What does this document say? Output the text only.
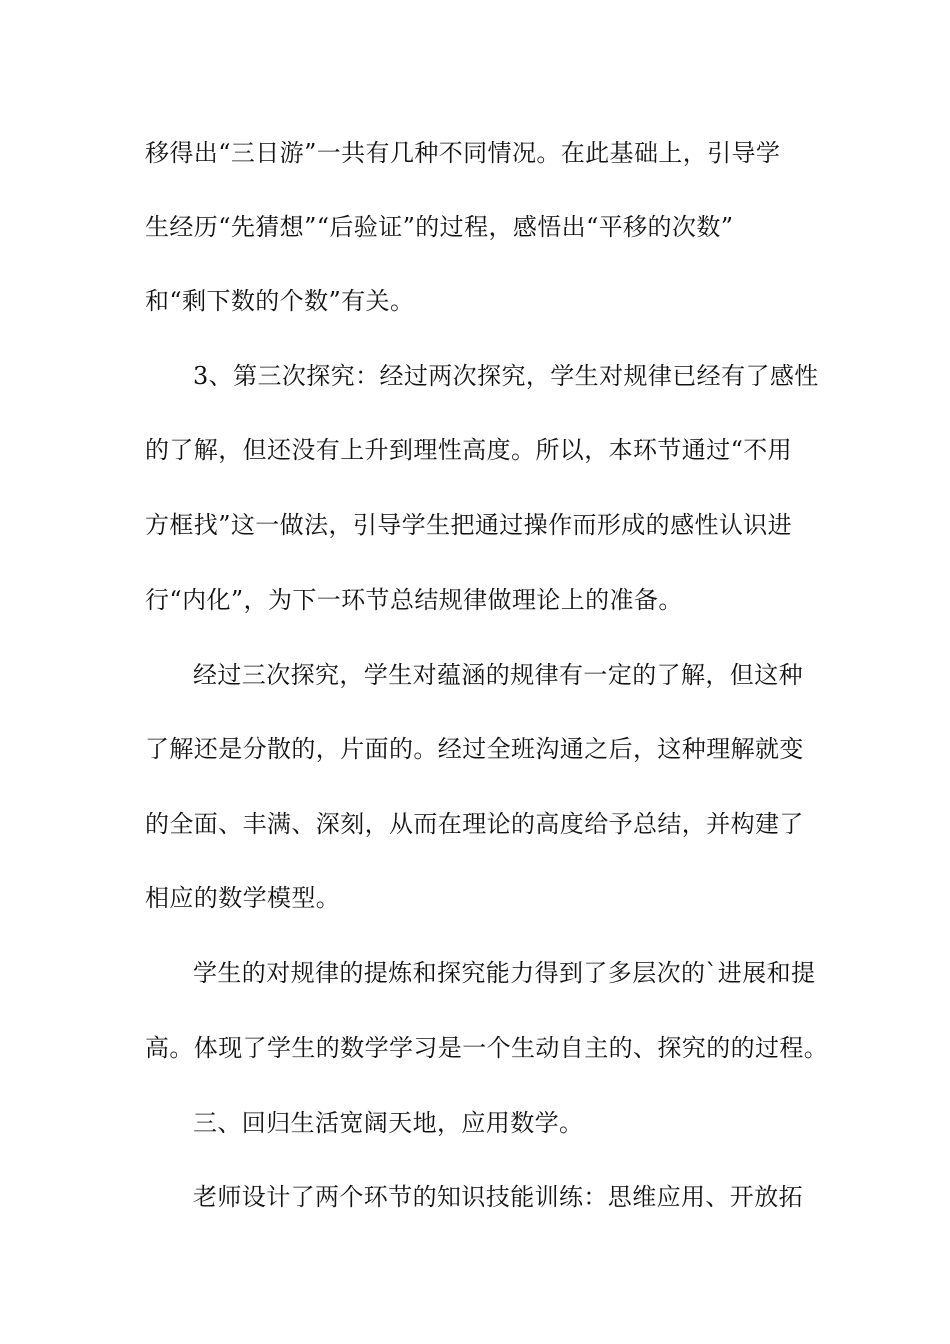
移得出“三日游”一共有几种不同情况。在此基础上，引导学
生经历“先猜想”“后验证”的过程，感悟出“平移的次数”
和“剩下数的个数”有关。
3、第三次探究：经过两次探究，学生对规律已经有了感性
的了解，但还没有上升到理性高度。所以，本环节通过“不用
方框找”这一做法，引导学生把通过操作而形成的感性认识进
行“内化”，为下一环节总结规律做理论上的准备。
经过三次探究，学生对蕴涵的规律有一定的了解，但这种
了解还是分散的，片面的。经过全班沟通之后，这种理解就变
的全面、丰满、深刻，从而在理论的高度给予总结，并构建了
相应的数学模型。
学生的对规律的提炼和探究能力得到了多层次的`进展和提
高。体现了学生的数学学习是一个生动自主的、探究的的过程。
三、回归生活宽阔天地，应用数学。
老师设计了两个环节的知识技能训练：思维应用、开放拓
